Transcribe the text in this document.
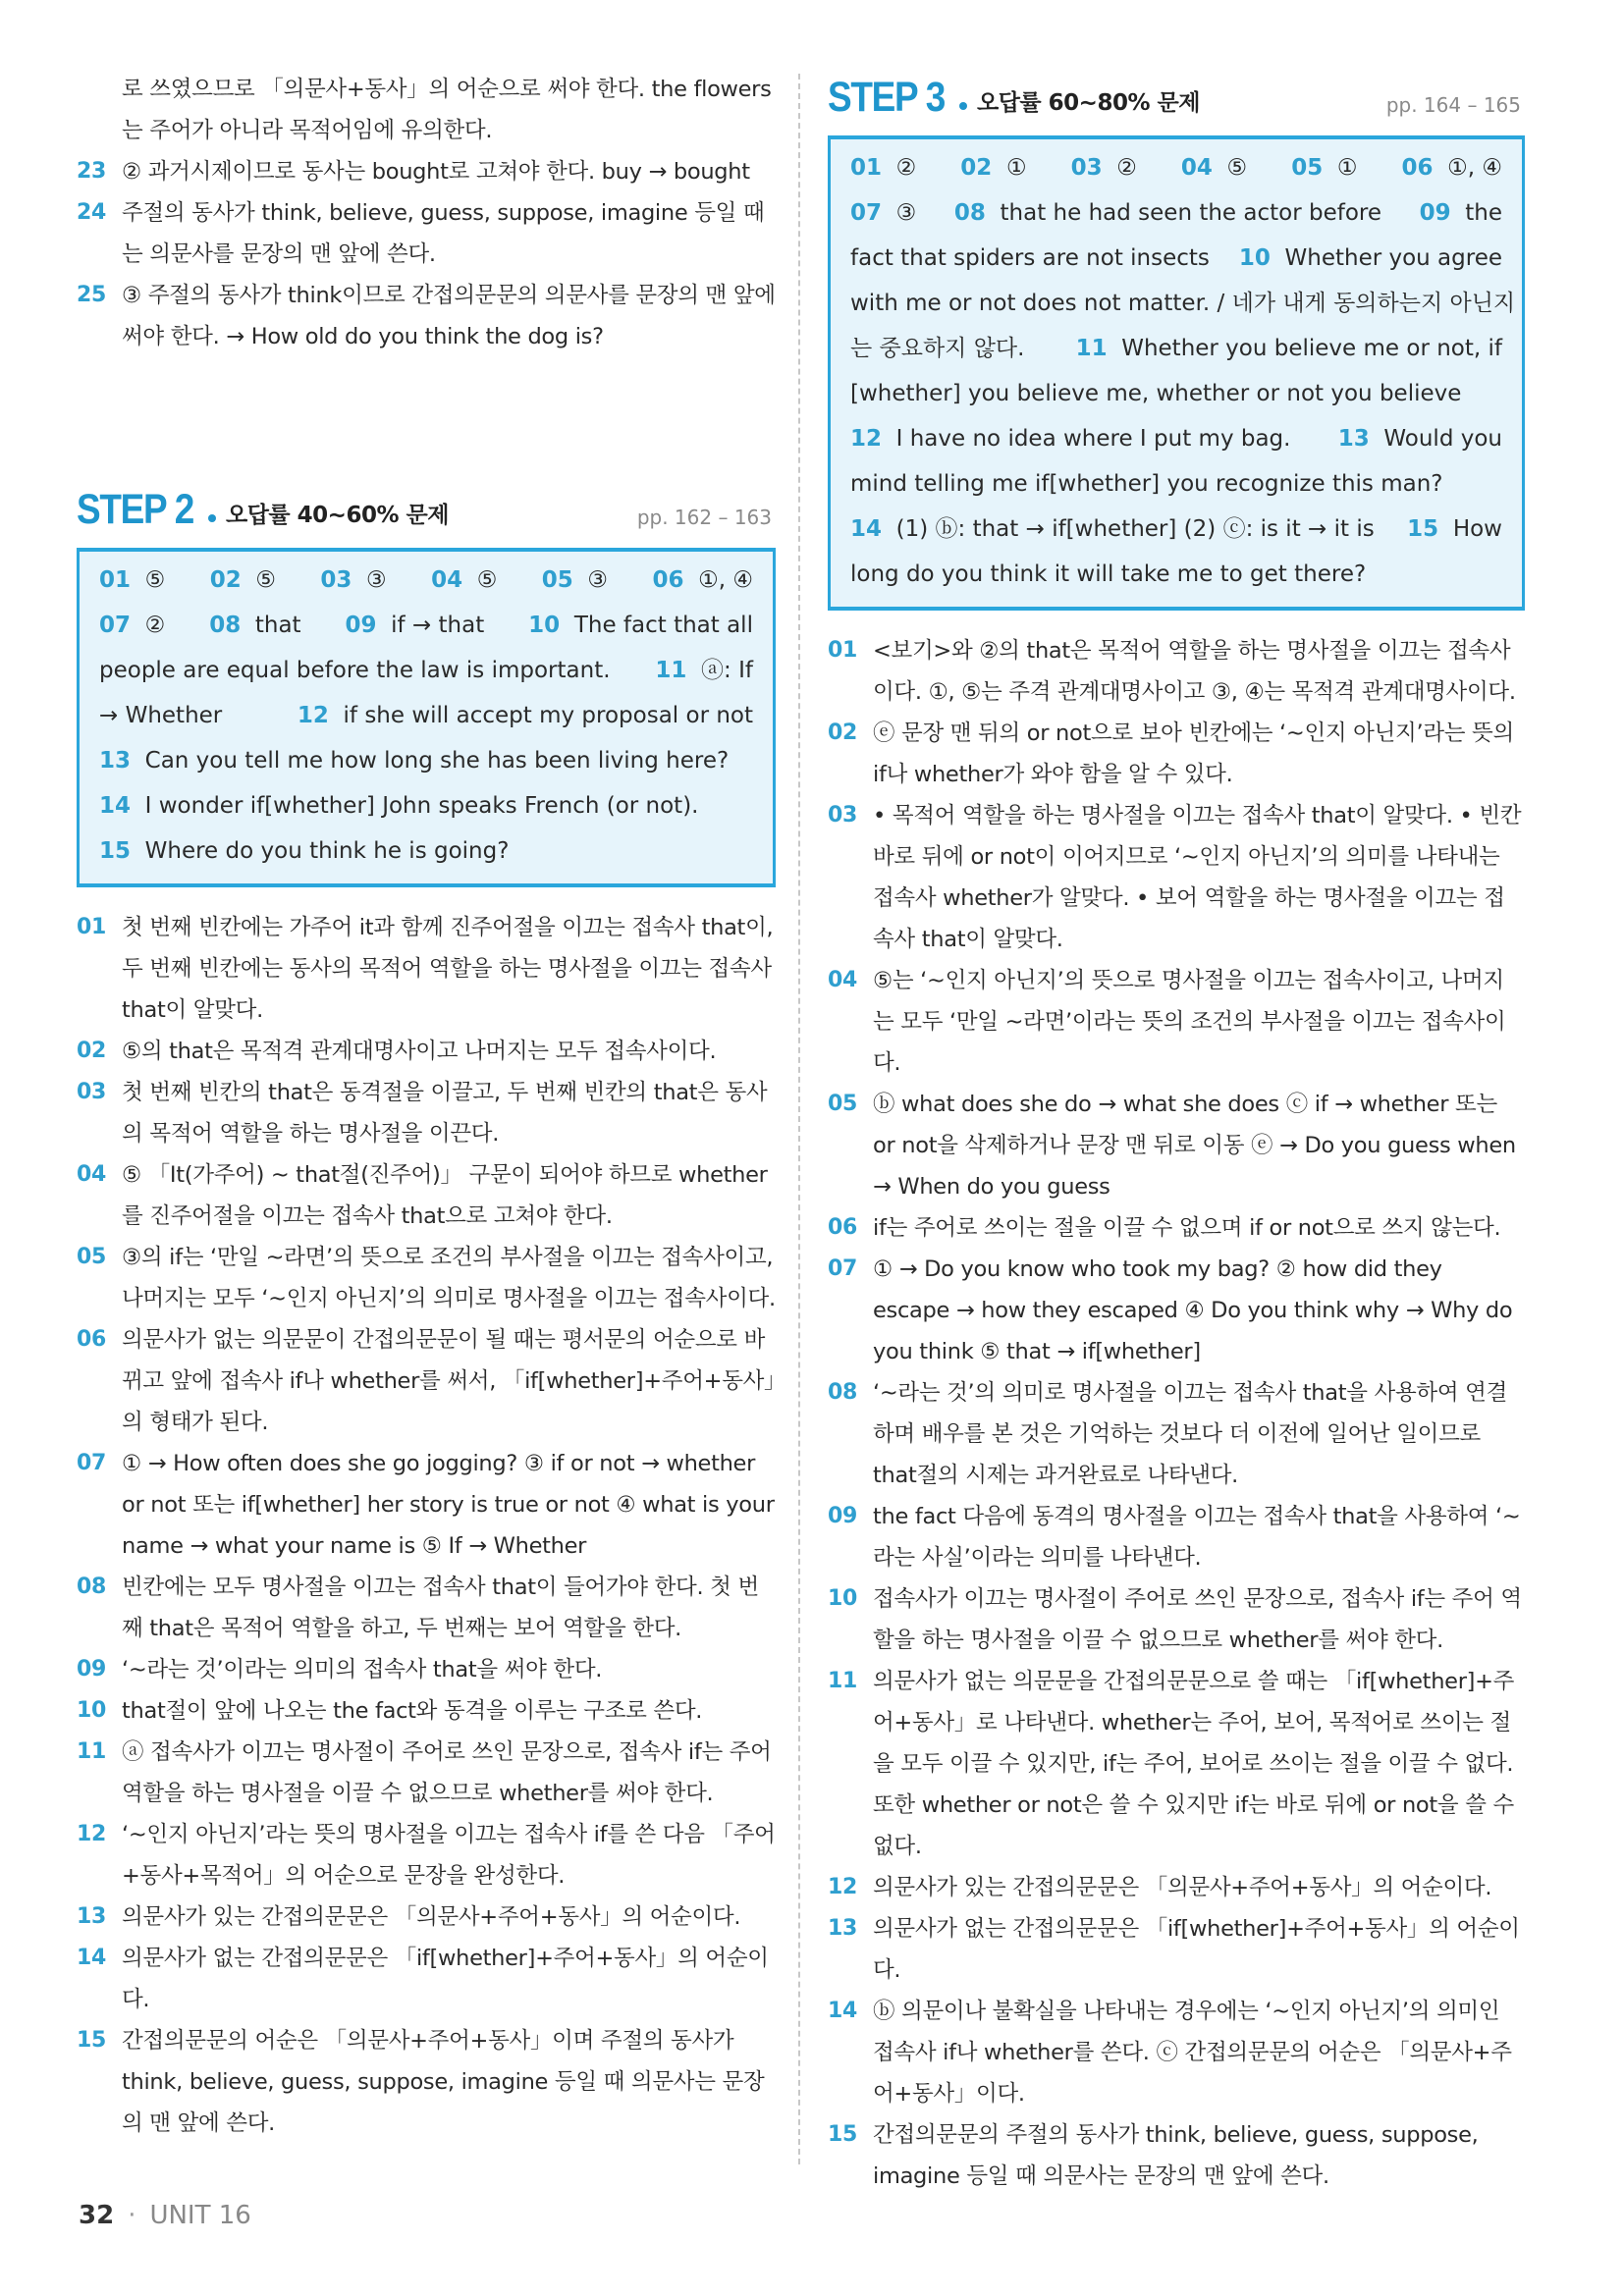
로 쓰였으므로 「의문사+동사」의 어순으로 써야 한다. the flowers 는 주어가 아니라 목적어임에 유의한다.
23 ② 과거시제이므로 동사는 bought로 고쳐야 한다. buy → bought
24 주절의 동사가 think, believe, guess, suppose, imagine 등일 때는 의문사를 문장의 맨 앞에 쓴다.
25 ③ 주절의 동사가 think이므로 간접의문문의 의문사를 문장의 맨 앞에 써야 한다. → How old do you think the dog is?
STEP 2 오답률 40~60% 문제	pp. 162 – 163
01 ⑤ 02 ⑤ 03 ③ 04 ⑤ 05 ③ 06 ①, ④
07 ② 08 that 09 if → that 10 The fact that all
people are equal before the law is important. 11 ⓐ: If
→ Whether	12 if she will accept my proposal or not
13 Can you tell me how long she has been living here?
14 I wonder if[whether] John speaks French (or not).
15 Where do you think he is going?
01 첫 번째 빈칸에는 가주어 it과 함께 진주어절을 이끄는 접속사 that이, 두 번째 빈칸에는 동사의 목적어 역할을 하는 명사절을 이끄는 접속사 that이 알맞다.
02 ⑤의 that은 목적격 관계대명사이고 나머지는 모두 접속사이다.
03 첫 번째 빈칸의 that은 동격절을 이끌고, 두 번째 빈칸의 that은 동사의 목적어 역할을 하는 명사절을 이끈다.
04 ⑤ 「It(가주어) ~ that절(진주어)」 구문이 되어야 하므로 whether를 진주어절을 이끄는 접속사 that으로 고쳐야 한다.
05 ③의 if는 ‘만일 ~라면’의 뜻으로 조건의 부사절을 이끄는 접속사이고, 나머지는 모두 ‘~인지 아닌지’의 의미로 명사절을 이끄는 접속사이다.
06 의문사가 없는 의문문이 간접의문문이 될 때는 평서문의 어순으로 바뀌고 앞에 접속사 if나 whether를 써서, 「if[whether]+주어+동사」의 형태가 된다.
07 ① → How often does she go jogging? ③ if or not → whether or not 또는 if[whether] her story is true or not ④ what is your name → what your name is ⑤ If → Whether
08 빈칸에는 모두 명사절을 이끄는 접속사 that이 들어가야 한다. 첫 번째 that은 목적어 역할을 하고, 두 번째는 보어 역할을 한다.
09 ‘~라는 것’이라는 의미의 접속사 that을 써야 한다.
10 that절이 앞에 나오는 the fact와 동격을 이루는 구조로 쓴다.
11 ⓐ 접속사가 이끄는 명사절이 주어로 쓰인 문장으로, 접속사 if는 주어 역할을 하는 명사절을 이끌 수 없으므로 whether를 써야 한다.
12 ‘~인지 아닌지’라는 뜻의 명사절을 이끄는 접속사 if를 쓴 다음 「주어+동사+목적어」의 어순으로 문장을 완성한다.
13 의문사가 있는 간접의문문은 「의문사+주어+동사」의 어순이다.
14 의문사가 없는 간접의문문은 「if[whether]+주어+동사」의 어순이다.
15 간접의문문의 어순은 「의문사+주어+동사」이며 주절의 동사가 think, believe, guess, suppose, imagine 등일 때 의문사는 문장의 맨 앞에 쓴다.
STEP 3 오답률 60~80% 문제	pp. 164 – 165
01 ② 02 ① 03 ② 04 ⑤ 05 ① 06 ①, ④
07 ③ 08 that he had seen the actor before 09 the
fact that spiders are not insects 10 Whether you agree
with me or not does not matter. / 네가 내게 동의하는지 아닌지
는 중요하지 않다. 11 Whether you believe me or not, if
[whether] you believe me, whether or not you believe
12 I have no idea where I put my bag. 13 Would you
mind telling me if[whether] you recognize this man?
14 (1) ⓑ: that → if[whether] (2) ⓒ: is it → it is 15 How
long do you think it will take me to get there?
01 <보기>와 ②의 that은 목적어 역할을 하는 명사절을 이끄는 접속사이다. ①, ⑤는 주격 관계대명사이고 ③, ④는 목적격 관계대명사이다.
02 ⓔ 문장 맨 뒤의 or not으로 보아 빈칸에는 ‘~인지 아닌지’라는 뜻의 if나 whether가 와야 함을 알 수 있다.
03 • 목적어 역할을 하는 명사절을 이끄는 접속사 that이 알맞다. • 빈칸 바로 뒤에 or not이 이어지므로 ‘~인지 아닌지’의 의미를 나타내는 접속사 whether가 알맞다. • 보어 역할을 하는 명사절을 이끄는 접속사 that이 알맞다.
04 ⑤는 ‘~인지 아닌지’의 뜻으로 명사절을 이끄는 접속사이고, 나머지는 모두 ‘만일 ~라면’이라는 뜻의 조건의 부사절을 이끄는 접속사이다.
05 ⓑ what does she do → what she does ⓒ if → whether 또는 or not을 삭제하거나 문장 맨 뒤로 이동 ⓔ → Do you guess when → When do you guess
06 if는 주어로 쓰이는 절을 이끌 수 없으며 if or not으로 쓰지 않는다.
07 ① → Do you know who took my bag? ② how did they escape → how they escaped ④ Do you think why → Why do you think ⑤ that → if[whether]
08 ‘~라는 것’의 의미로 명사절을 이끄는 접속사 that을 사용하여 연결하며 배우를 본 것은 기억하는 것보다 더 이전에 일어난 일이므로 that절의 시제는 과거완료로 나타낸다.
09 the fact 다음에 동격의 명사절을 이끄는 접속사 that을 사용하여 ‘~라는 사실’이라는 의미를 나타낸다.
10 접속사가 이끄는 명사절이 주어로 쓰인 문장으로, 접속사 if는 주어 역할을 하는 명사절을 이끌 수 없으므로 whether를 써야 한다.
11 의문사가 없는 의문문을 간접의문문으로 쓸 때는 「if[whether]+주어+동사」로 나타낸다. whether는 주어, 보어, 목적어로 쓰이는 절을 모두 이끌 수 있지만, if는 주어, 보어로 쓰이는 절을 이끌 수 없다. 또한 whether or not은 쓸 수 있지만 if는 바로 뒤에 or not을 쓸 수 없다.
12 의문사가 있는 간접의문문은 「의문사+주어+동사」의 어순이다.
13 의문사가 없는 간접의문문은 「if[whether]+주어+동사」의 어순이다.
14 ⓑ 의문이나 불확실을 나타내는 경우에는 ‘~인지 아닌지’의 의미인 접속사 if나 whether를 쓴다. ⓒ 간접의문문의 어순은 「의문사+주어+동사」이다.
15 간접의문문의 주절의 동사가 think, believe, guess, suppose, imagine 등일 때 의문사는 문장의 맨 앞에 쓴다.
32 · UNIT 16
